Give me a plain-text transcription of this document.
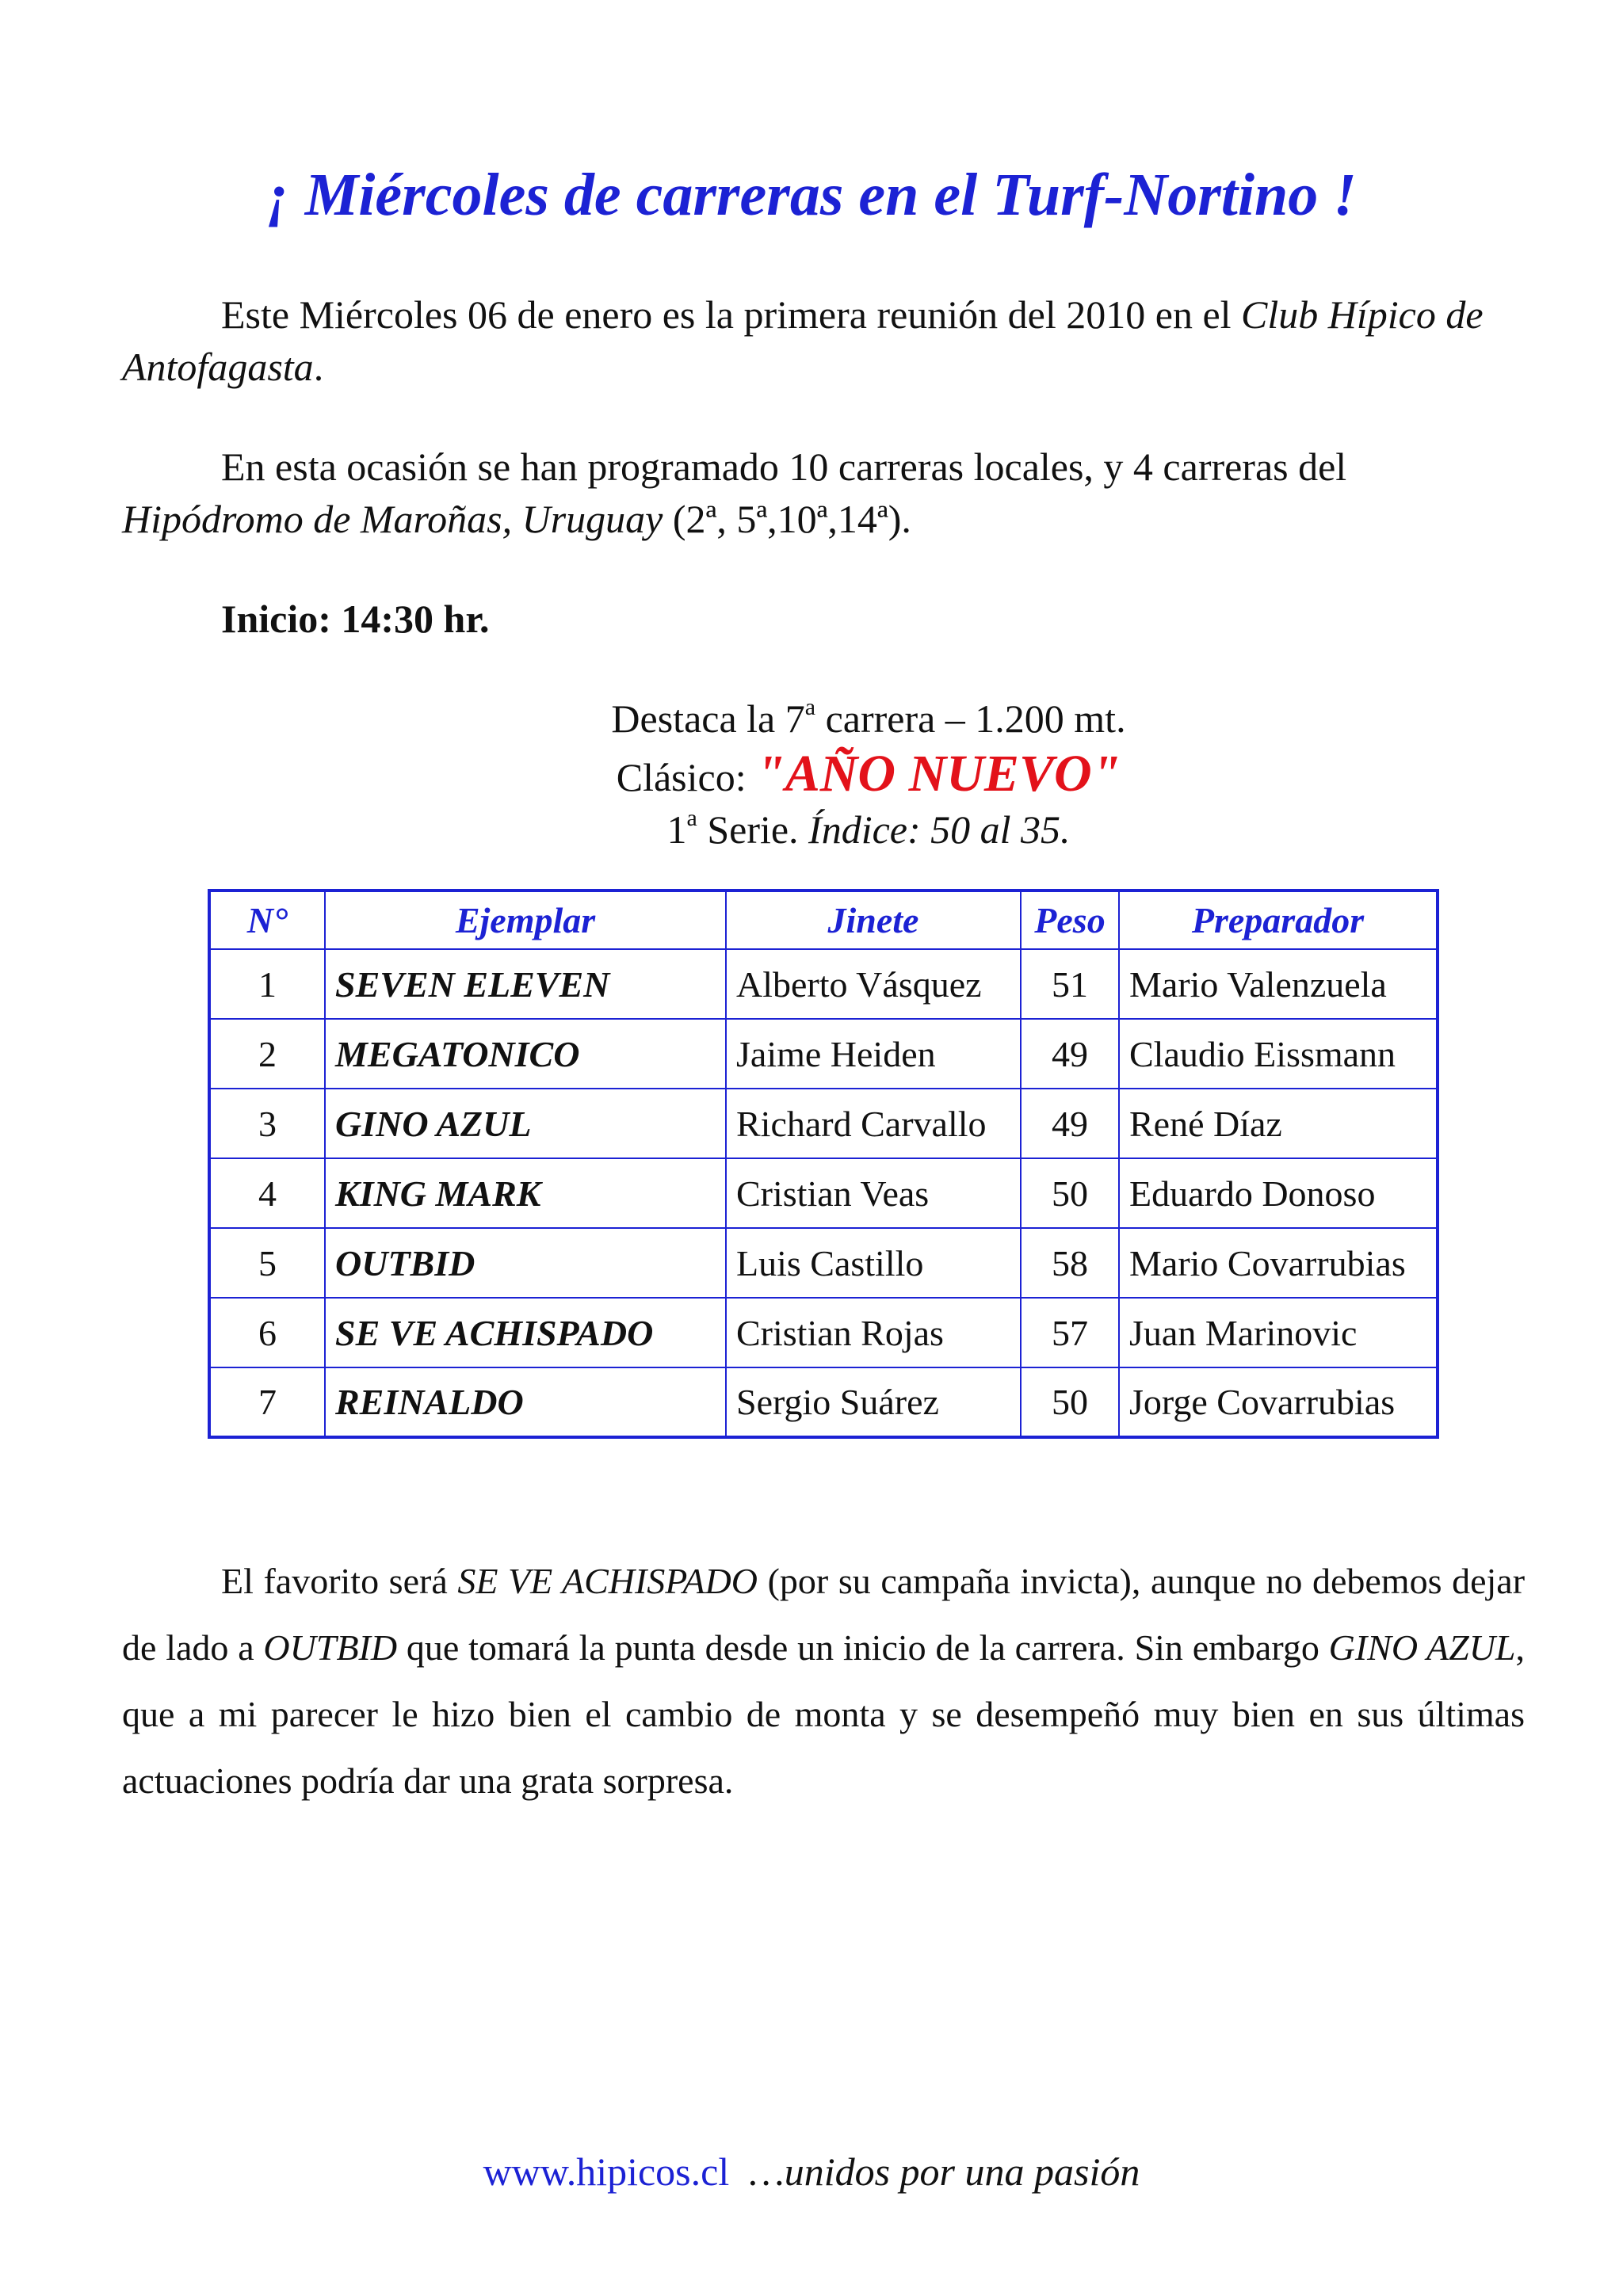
¡ Miércoles de carreras en el Turf-Nortino !
Este Miércoles 06 de enero es la primera reunión del 2010 en el Club Hípico de Antofagasta.
En esta ocasión se han programado 10 carreras locales, y 4 carreras del Hipódromo de Maroñas, Uruguay (2ª, 5ª,10ª,14ª).
Inicio: 14:30 hr.
Destaca la 7$^a$ carrera – 1.200 mt.
Clásico: "AÑO NUEVO"
1$^a$ Serie. Índice: 50 al 35.
N°	Ejemplar	Jinete	Peso	Preparador
1	SEVEN ELEVEN	Alberto Vásquez	51	Mario Valenzuela
2	MEGATONICO	Jaime Heiden	49	Claudio Eissmann
3	GINO AZUL	Richard Carvallo	49	René Díaz
4	KING MARK	Cristian Veas	50	Eduardo Donoso
5	OUTBID	Luis Castillo	58	Mario Covarrubias
6	SE VE ACHISPADO	Cristian Rojas	57	Juan Marinovic
7	REINALDO	Sergio Suárez	50	Jorge Covarrubias
El favorito será SE VE ACHISPADO (por su campaña invicta), aunque no debemos dejar de lado a OUTBID que tomará la punta desde un inicio de la carrera. Sin embargo GINO AZUL, que a mi parecer le hizo bien el cambio de monta y se desempeñó muy bien en sus últimas actuaciones podría dar una grata sorpresa.
www.hipicos.cl …unidos por una pasión
